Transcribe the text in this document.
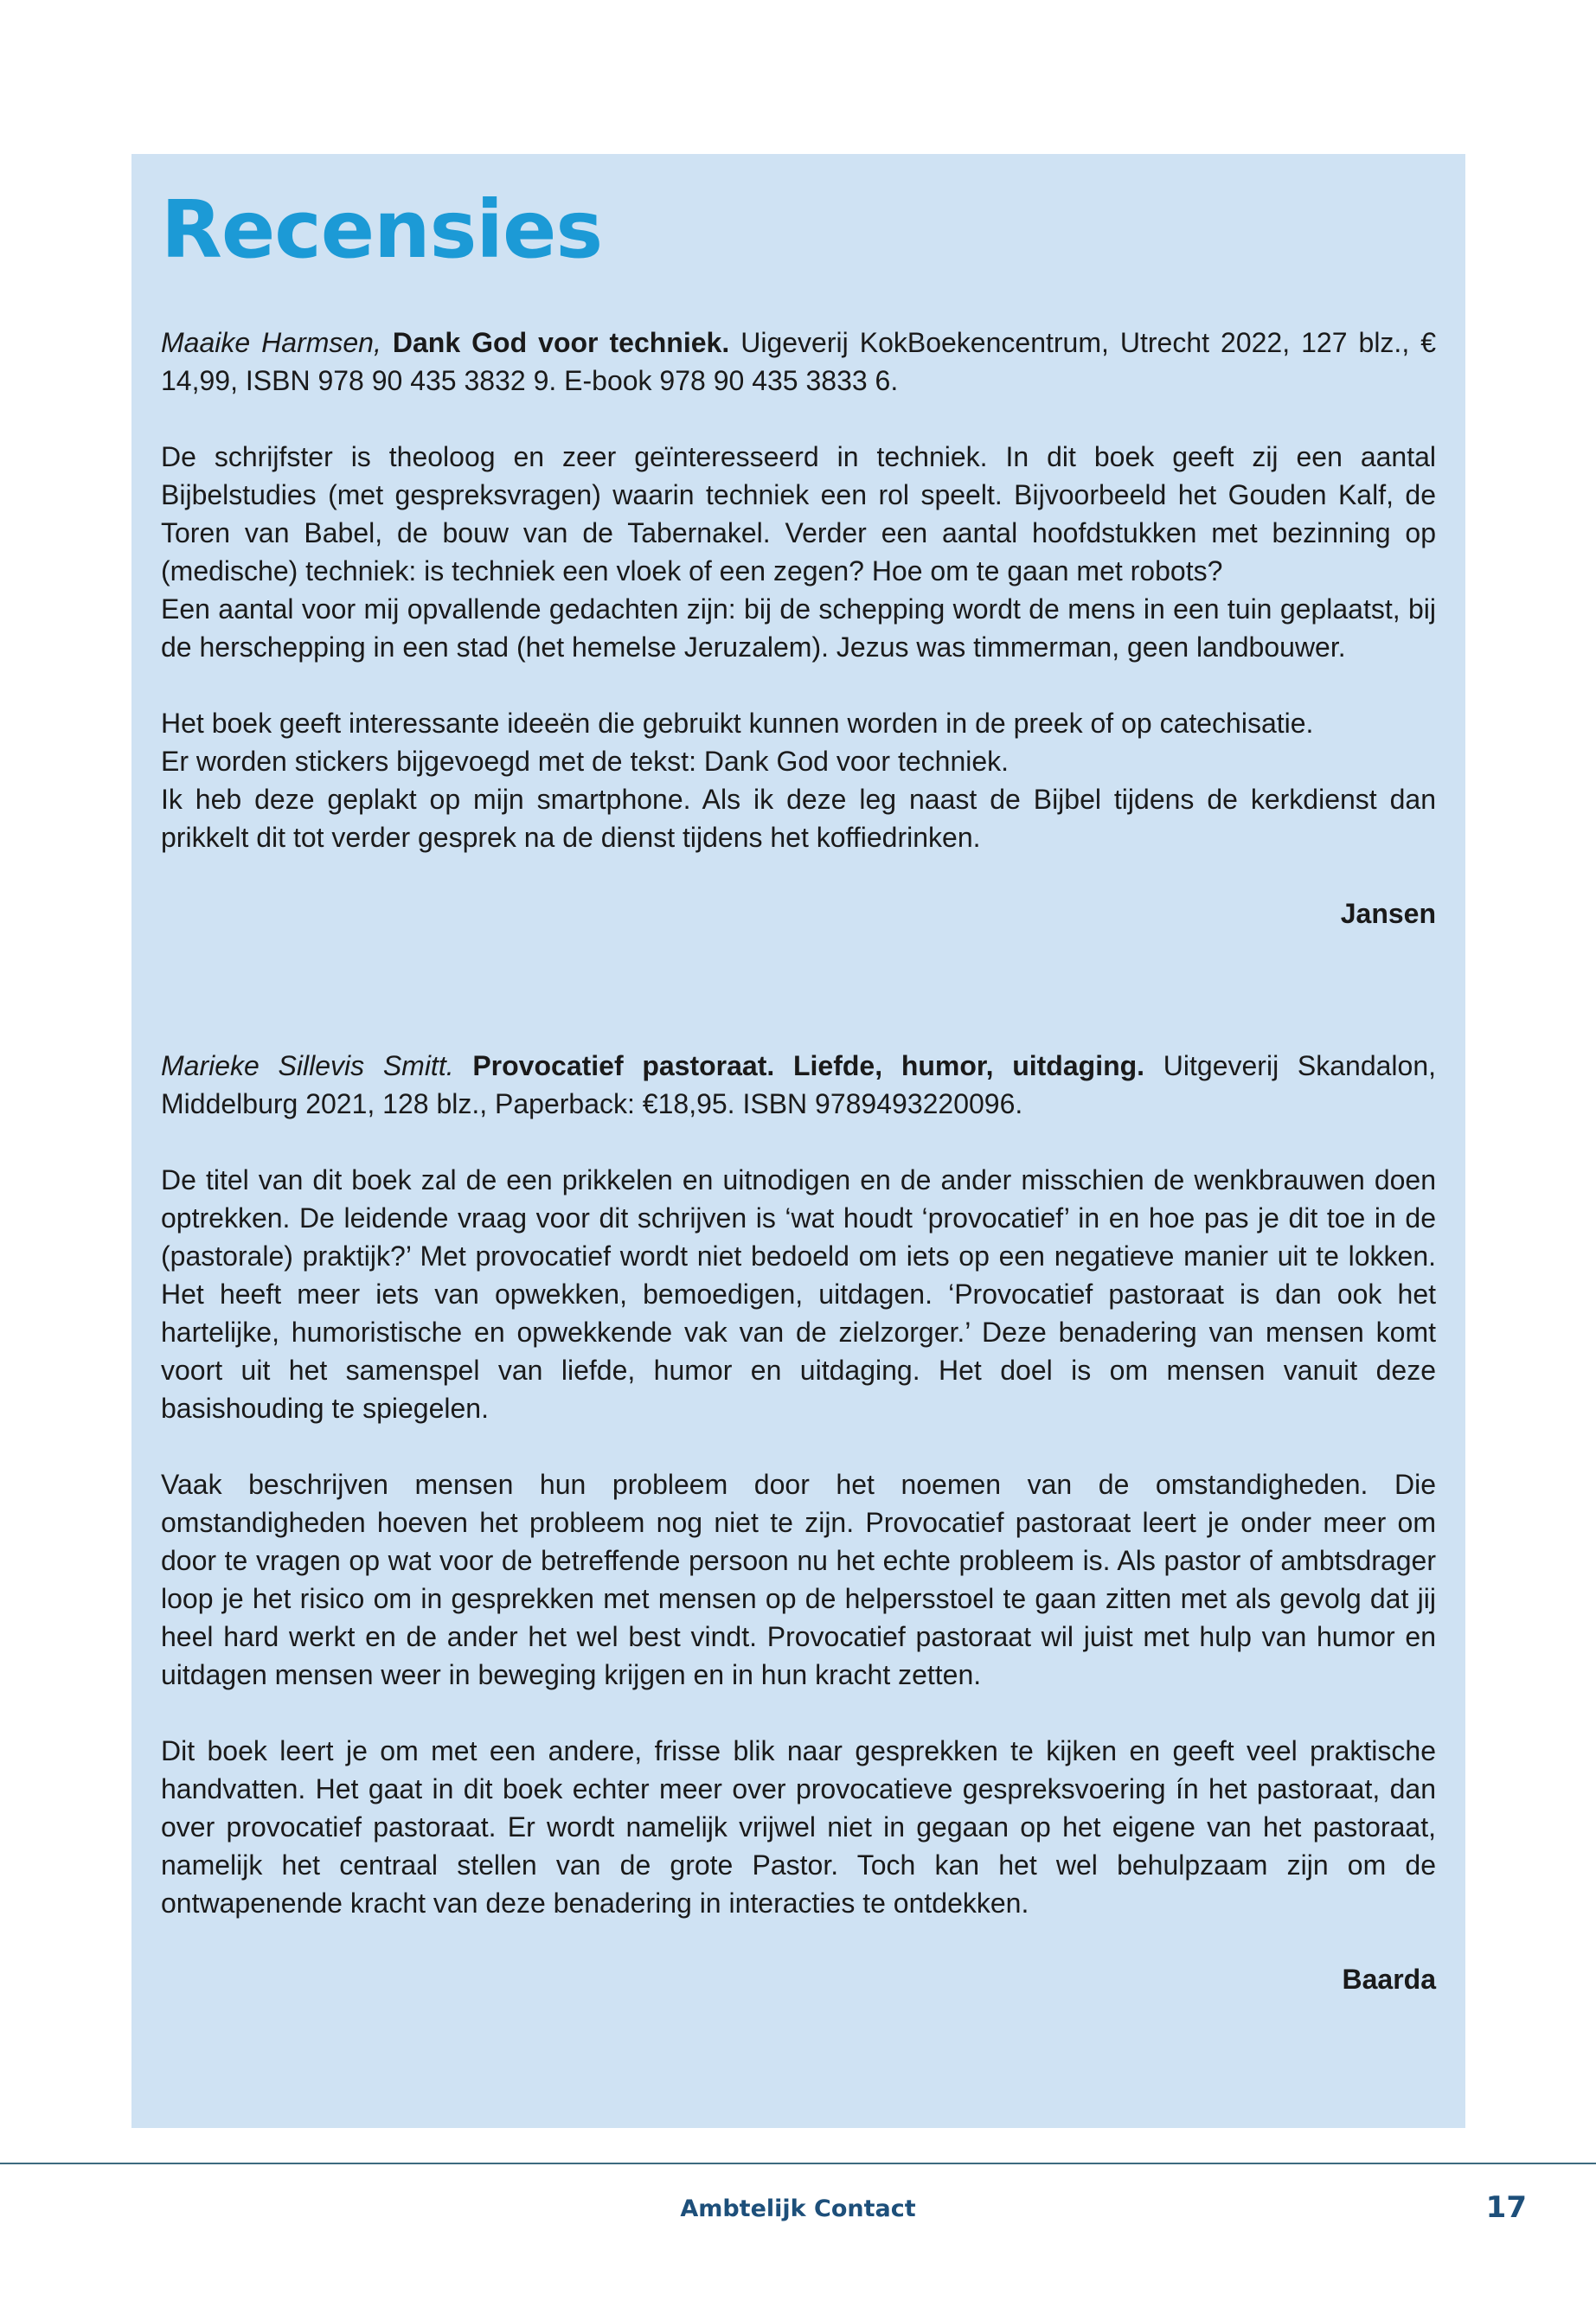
Recensies

Maaike Harmsen, Dank God voor techniek. Uigeverij KokBoekencentrum, Utrecht 2022, 127 blz., € 14,99, ISBN 978 90 435 3832 9. E-book 978 90 435 3833 6.

De schrijfster is theoloog en zeer geïnteresseerd in techniek. In dit boek geeft zij een aantal Bijbelstudies (met gespreksvragen) waarin techniek een rol speelt. Bijvoorbeeld het Gouden Kalf, de Toren van Babel, de bouw van de Tabernakel. Verder een aantal hoofdstukken met bezinning op (medische) techniek: is techniek een vloek of een zegen? Hoe om te gaan met robots?
Een aantal voor mij opvallende gedachten zijn: bij de schepping wordt de mens in een tuin geplaatst, bij de herschepping in een stad (het hemelse Jeruzalem). Jezus was timmerman, geen landbouwer.
Het boek geeft interessante ideeën die gebruikt kunnen worden in de preek of op catechisatie.
Er worden stickers bijgevoegd met de tekst: Dank God voor techniek.
Ik heb deze geplakt op mijn smartphone. Als ik deze leg naast de Bijbel tijdens de kerkdienst dan prikkelt dit tot verder gesprek na de dienst tijdens het koffiedrinken.
Jansen

Marieke Sillevis Smitt. Provocatief pastoraat. Liefde, humor, uitdaging. Uitgeverij Skandalon, Middelburg 2021, 128 blz., Paperback: €18,95. ISBN 9789493220096.

De titel van dit boek zal de een prikkelen en uitnodigen en de ander misschien de wenkbrauwen doen optrekken. De leidende vraag voor dit schrijven is ‘wat houdt ‘provocatief’ in en hoe pas je dit toe in de (pastorale) praktijk?’ Met provocatief wordt niet bedoeld om iets op een negatieve manier uit te lokken. Het heeft meer iets van opwekken, bemoedigen, uitdagen. ‘Provocatief pastoraat is dan ook het hartelijke, humoristische en opwekkende vak van de zielzorger.’ Deze benadering van mensen komt voort uit het samenspel van liefde, humor en uitdaging. Het doel is om mensen vanuit deze basishouding te spiegelen.

Vaak beschrijven mensen hun probleem door het noemen van de omstandigheden. Die omstandigheden hoeven het probleem nog niet te zijn. Provocatief pastoraat leert je onder meer om door te vragen op wat voor de betreffende persoon nu het echte probleem is. Als pastor of ambtsdrager loop je het risico om in gesprekken met mensen op de helpersstoel te gaan zitten met als gevolg dat jij heel hard werkt en de ander het wel best vindt. Provocatief pastoraat wil juist met hulp van humor en uitdagen mensen weer in beweging krijgen en in hun kracht zetten.

Dit boek leert je om met een andere, frisse blik naar gesprekken te kijken en geeft veel praktische handvatten. Het gaat in dit boek echter meer over provocatieve gespreksvoering ín het pastoraat, dan over provocatief pastoraat. Er wordt namelijk vrijwel niet in gegaan op het eigene van het pastoraat, namelijk het centraal stellen van de grote Pastor. Toch kan het wel behulpzaam zijn om de ontwapenende kracht van deze benadering in interacties te ontdekken.

Baarda
Ambtelijk Contact	17
